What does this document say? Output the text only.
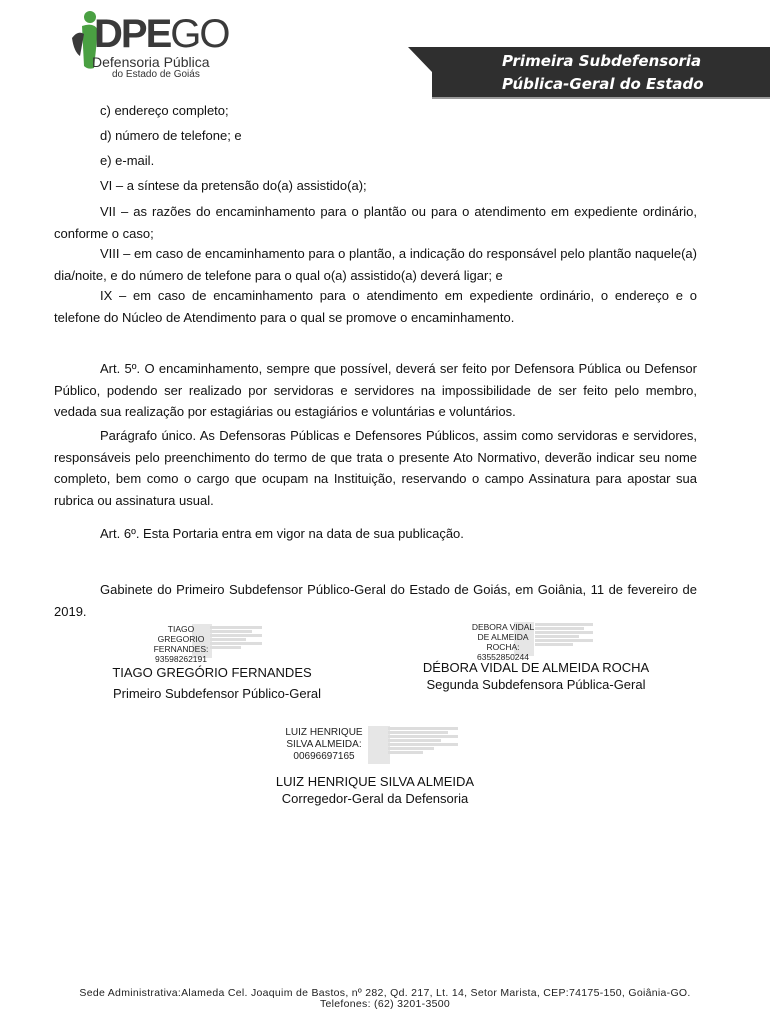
DPEGO
Defensoria Pública
do Estado de Goiás
Primeira Subdefensoria
Pública-Geral do Estado

c) endereço completo;

d) número de telefone; e

e) e-mail.

VI – a síntese da pretensão do(a) assistido(a);

VII – as razões do encaminhamento para o plantão ou para o atendimento em expediente ordinário, conforme o caso;

VIII – em caso de encaminhamento para o plantão, a indicação do responsável pelo plantão naquele(a) dia/noite, e do número de telefone para o qual o(a) assistido(a) deverá ligar; e

IX – em caso de encaminhamento para o atendimento em expediente ordinário, o endereço e o telefone do Núcleo de Atendimento para o qual se promove o encaminhamento.

Art. 5º. O encaminhamento, sempre que possível, deverá ser feito por Defensora Pública ou Defensor Público, podendo ser realizado por servidoras e servidores na impossibilidade de ser feito pelo membro, vedada sua realização por estagiárias ou estagiários e voluntárias e voluntários.

Parágrafo único. As Defensoras Públicas e Defensores Públicos, assim como servidoras e servidores, responsáveis pelo preenchimento do termo de que trata o presente Ato Normativo, deverão indicar seu nome completo, bem como o cargo que ocupam na Instituição, reservando o campo Assinatura para apostar sua rubrica ou assinatura usual.

Art. 6º. Esta Portaria entra em vigor na data de sua publicação.

Gabinete do Primeiro Subdefensor Público-Geral do Estado de Goiás, em Goiânia, 11 de fevereiro de 2019.

TIAGO
GREGORIO
FERNANDES:
93598262191
TIAGO GREGÓRIO FERNANDES
Primeiro Subdefensor Público-Geral
DEBORA VIDAL
DE ALMEIDA
ROCHA:
63552850244
DÉBORA VIDAL DE ALMEIDA ROCHA
Segunda Subdefensora Pública-Geral
LUIZ HENRIQUE
SILVA ALMEIDA:
00696697165
LUIZ HENRIQUE SILVA ALMEIDA
Corregedor-Geral da Defensoria
Sede Administrativa:Alameda Cel. Joaquim de Bastos, nº 282, Qd. 217, Lt. 14, Setor Marista, CEP:74175-150, Goiânia-GO.
Telefones: (62) 3201-3500
